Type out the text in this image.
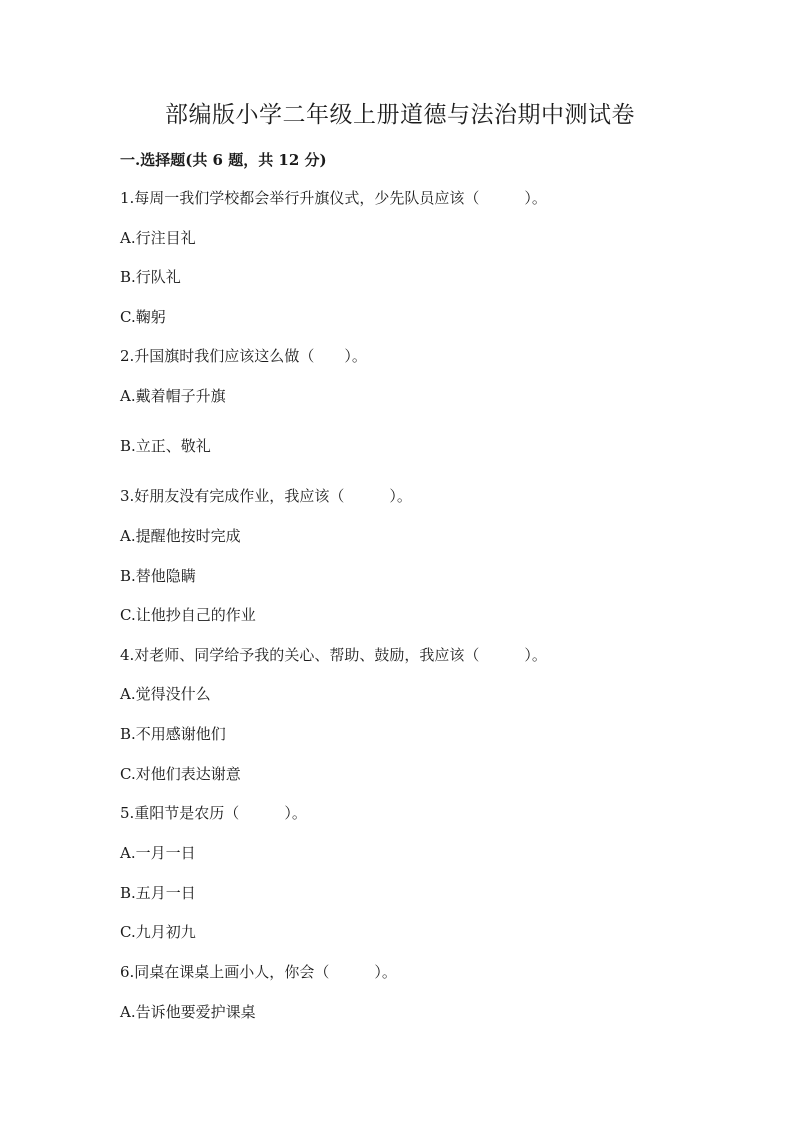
部编版小学二年级上册道德与法治期中测试卷
一.选择题(共 6 题，共 12 分)
1.每周一我们学校都会举行升旗仪式，少先队员应该（　　　）。
A.行注目礼
B.行队礼
C.鞠躬
2.升国旗时我们应该这么做（　　）。
A.戴着帽子升旗
B.立正、敬礼
3.好朋友没有完成作业，我应该（　　　）。
A.提醒他按时完成
B.替他隐瞒
C.让他抄自己的作业
4.对老师、同学给予我的关心、帮助、鼓励，我应该（　　　）。
A.觉得没什么
B.不用感谢他们
C.对他们表达谢意
5.重阳节是农历（　　　）。
A.一月一日
B.五月一日
C.九月初九
6.同桌在课桌上画小人，你会（　　　）。
A.告诉他要爱护课桌
